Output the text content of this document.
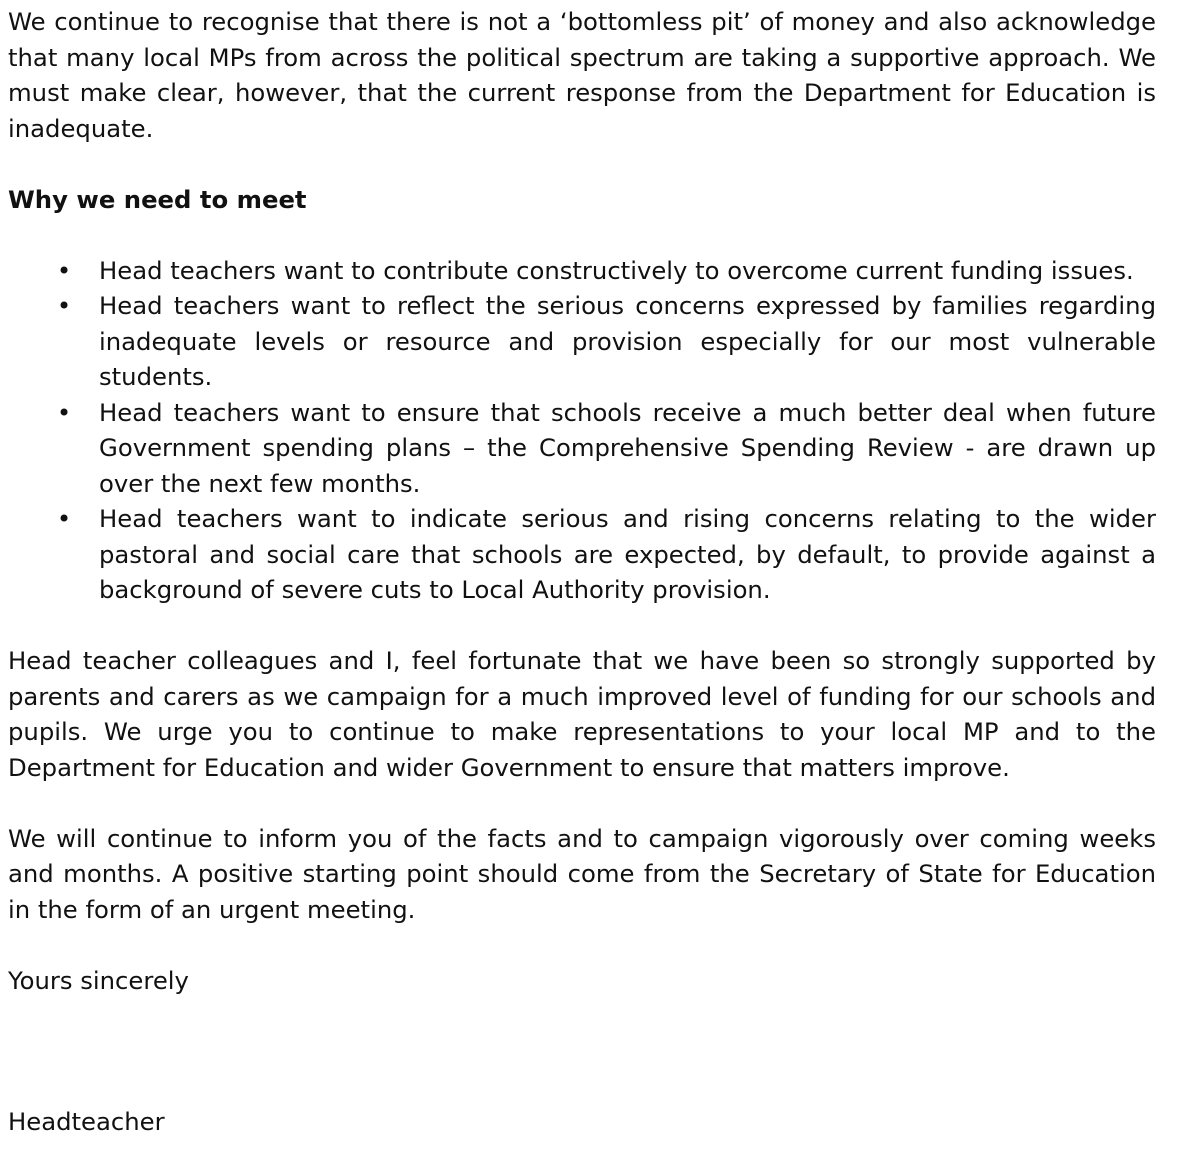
We continue to recognise that there is not a ‘bottomless pit’ of money and also acknowledge that many local MPs from across the political spectrum are taking a supportive approach. We must make clear, however, that the current response from the Department for Education is inadequate.

Why we need to meet

• Head teachers want to contribute constructively to overcome current funding issues.
• Head teachers want to reflect the serious concerns expressed by families regarding inadequate levels or resource and provision especially for our most vulnerable students.
• Head teachers want to ensure that schools receive a much better deal when future Government spending plans – the Comprehensive Spending Review - are drawn up over the next few months.
• Head teachers want to indicate serious and rising concerns relating to the wider pastoral and social care that schools are expected, by default, to provide against a background of severe cuts to Local Authority provision.

Head teacher colleagues and I, feel fortunate that we have been so strongly supported by parents and carers as we campaign for a much improved level of funding for our schools and pupils. We urge you to continue to make representations to your local MP and to the Department for Education and wider Government to ensure that matters improve.

We will continue to inform you of the facts and to campaign vigorously over coming weeks and months. A positive starting point should come from the Secretary of State for Education in the form of an urgent meeting.

Yours sincerely

Headteacher
